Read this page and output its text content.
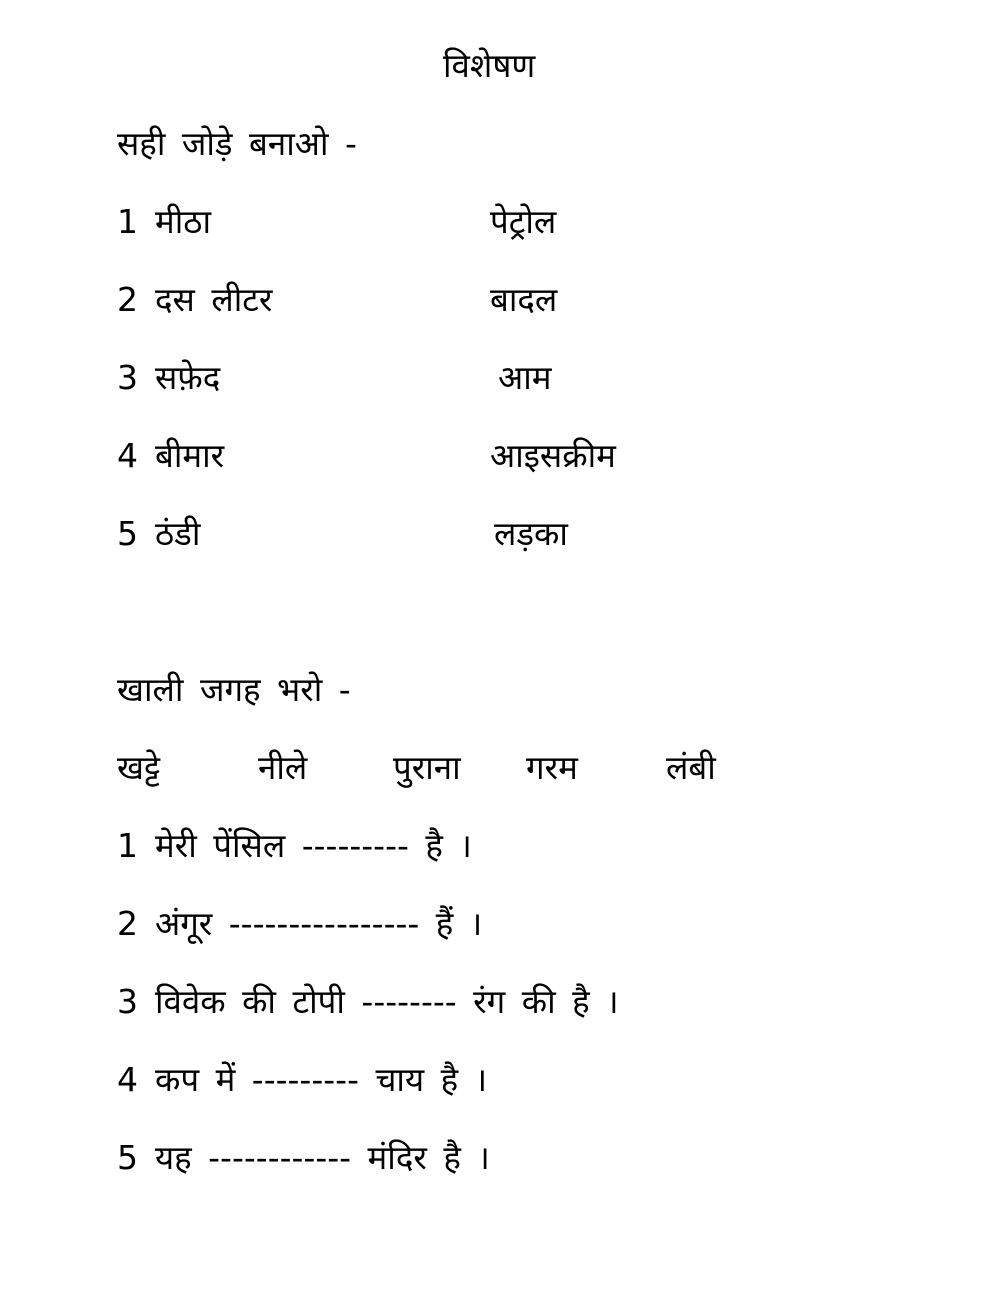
विशेषण
सही जोड़े बनाओ -
1 मीठा	पेट्रोल
2 दस लीटर	बादल
3 सफ़ेद	आम
4 बीमार	आइसक्रीम
5 ठंडी	लड़का
खाली जगह भरो -
खट्टे	नीले	पुराना गरम	लंबी
1 मेरी पेंसिल --------- है ।
2 अंगूर ---------------- हैं ।
3 विवेक की टोपी -------- रंग की है ।
4 कप में --------- चाय है ।
5 यह ------------ मंदिर है ।
